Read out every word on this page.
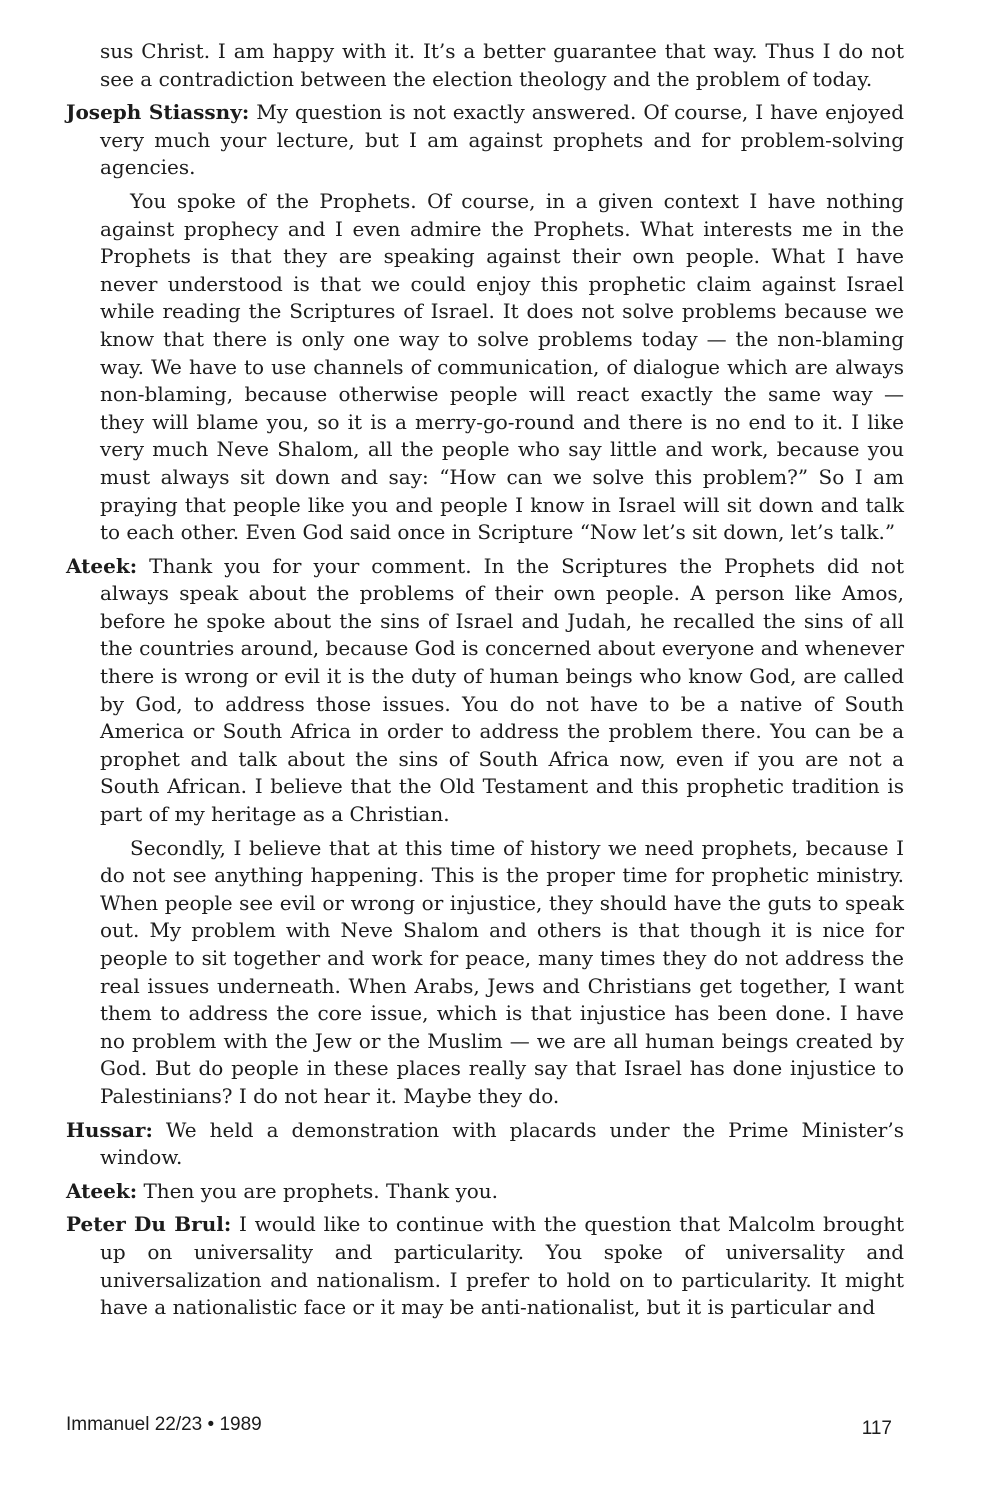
sus Christ. I am happy with it. It’s a better guarantee that way. Thus I do not see a contradiction between the election theology and the problem of today.

Joseph Stiassny: My question is not exactly answered. Of course, I have enjoyed very much your lecture, but I am against prophets and for problem-solving agencies.

You spoke of the Prophets. Of course, in a given context I have nothing against prophecy and I even admire the Prophets. What interests me in the Prophets is that they are speaking against their own people. What I have never understood is that we could enjoy this prophetic claim against Israel while reading the Scriptures of Israel. It does not solve problems because we know that there is only one way to solve problems today — the non-blaming way. We have to use channels of communication, of dialogue which are always non-blaming, because otherwise people will react exactly the same way — they will blame you, so it is a merry-go-round and there is no end to it. I like very much Neve Shalom, all the people who say little and work, because you must always sit down and say: “How can we solve this problem?” So I am praying that people like you and people I know in Israel will sit down and talk to each other. Even God said once in Scripture “Now let’s sit down, let’s talk.”

Ateek: Thank you for your comment. In the Scriptures the Prophets did not always speak about the problems of their own people. A person like Amos, before he spoke about the sins of Israel and Judah, he recalled the sins of all the countries around, because God is concerned about everyone and whenever there is wrong or evil it is the duty of human beings who know God, are called by God, to address those issues. You do not have to be a native of South America or South Africa in order to address the problem there. You can be a prophet and talk about the sins of South Africa now, even if you are not a South African. I believe that the Old Testament and this prophetic tradition is part of my heritage as a Christian.

Secondly, I believe that at this time of history we need prophets, because I do not see anything happening. This is the proper time for prophetic ministry. When people see evil or wrong or injustice, they should have the guts to speak out. My problem with Neve Shalom and others is that though it is nice for people to sit together and work for peace, many times they do not address the real issues underneath. When Arabs, Jews and Christians get together, I want them to address the core issue, which is that injustice has been done. I have no problem with the Jew or the Muslim — we are all human beings created by God. But do people in these places really say that Israel has done injustice to Palestinians? I do not hear it. Maybe they do.

Hussar: We held a demonstration with placards under the Prime Minister’s window.

Ateek: Then you are prophets. Thank you.

Peter Du Brul: I would like to continue with the question that Malcolm brought up on universality and particularity. You spoke of universality and universalization and nationalism. I prefer to hold on to particularity. It might have a nationalistic face or it may be anti-nationalist, but it is particular and

Immanuel 22/23 • 1989	117
